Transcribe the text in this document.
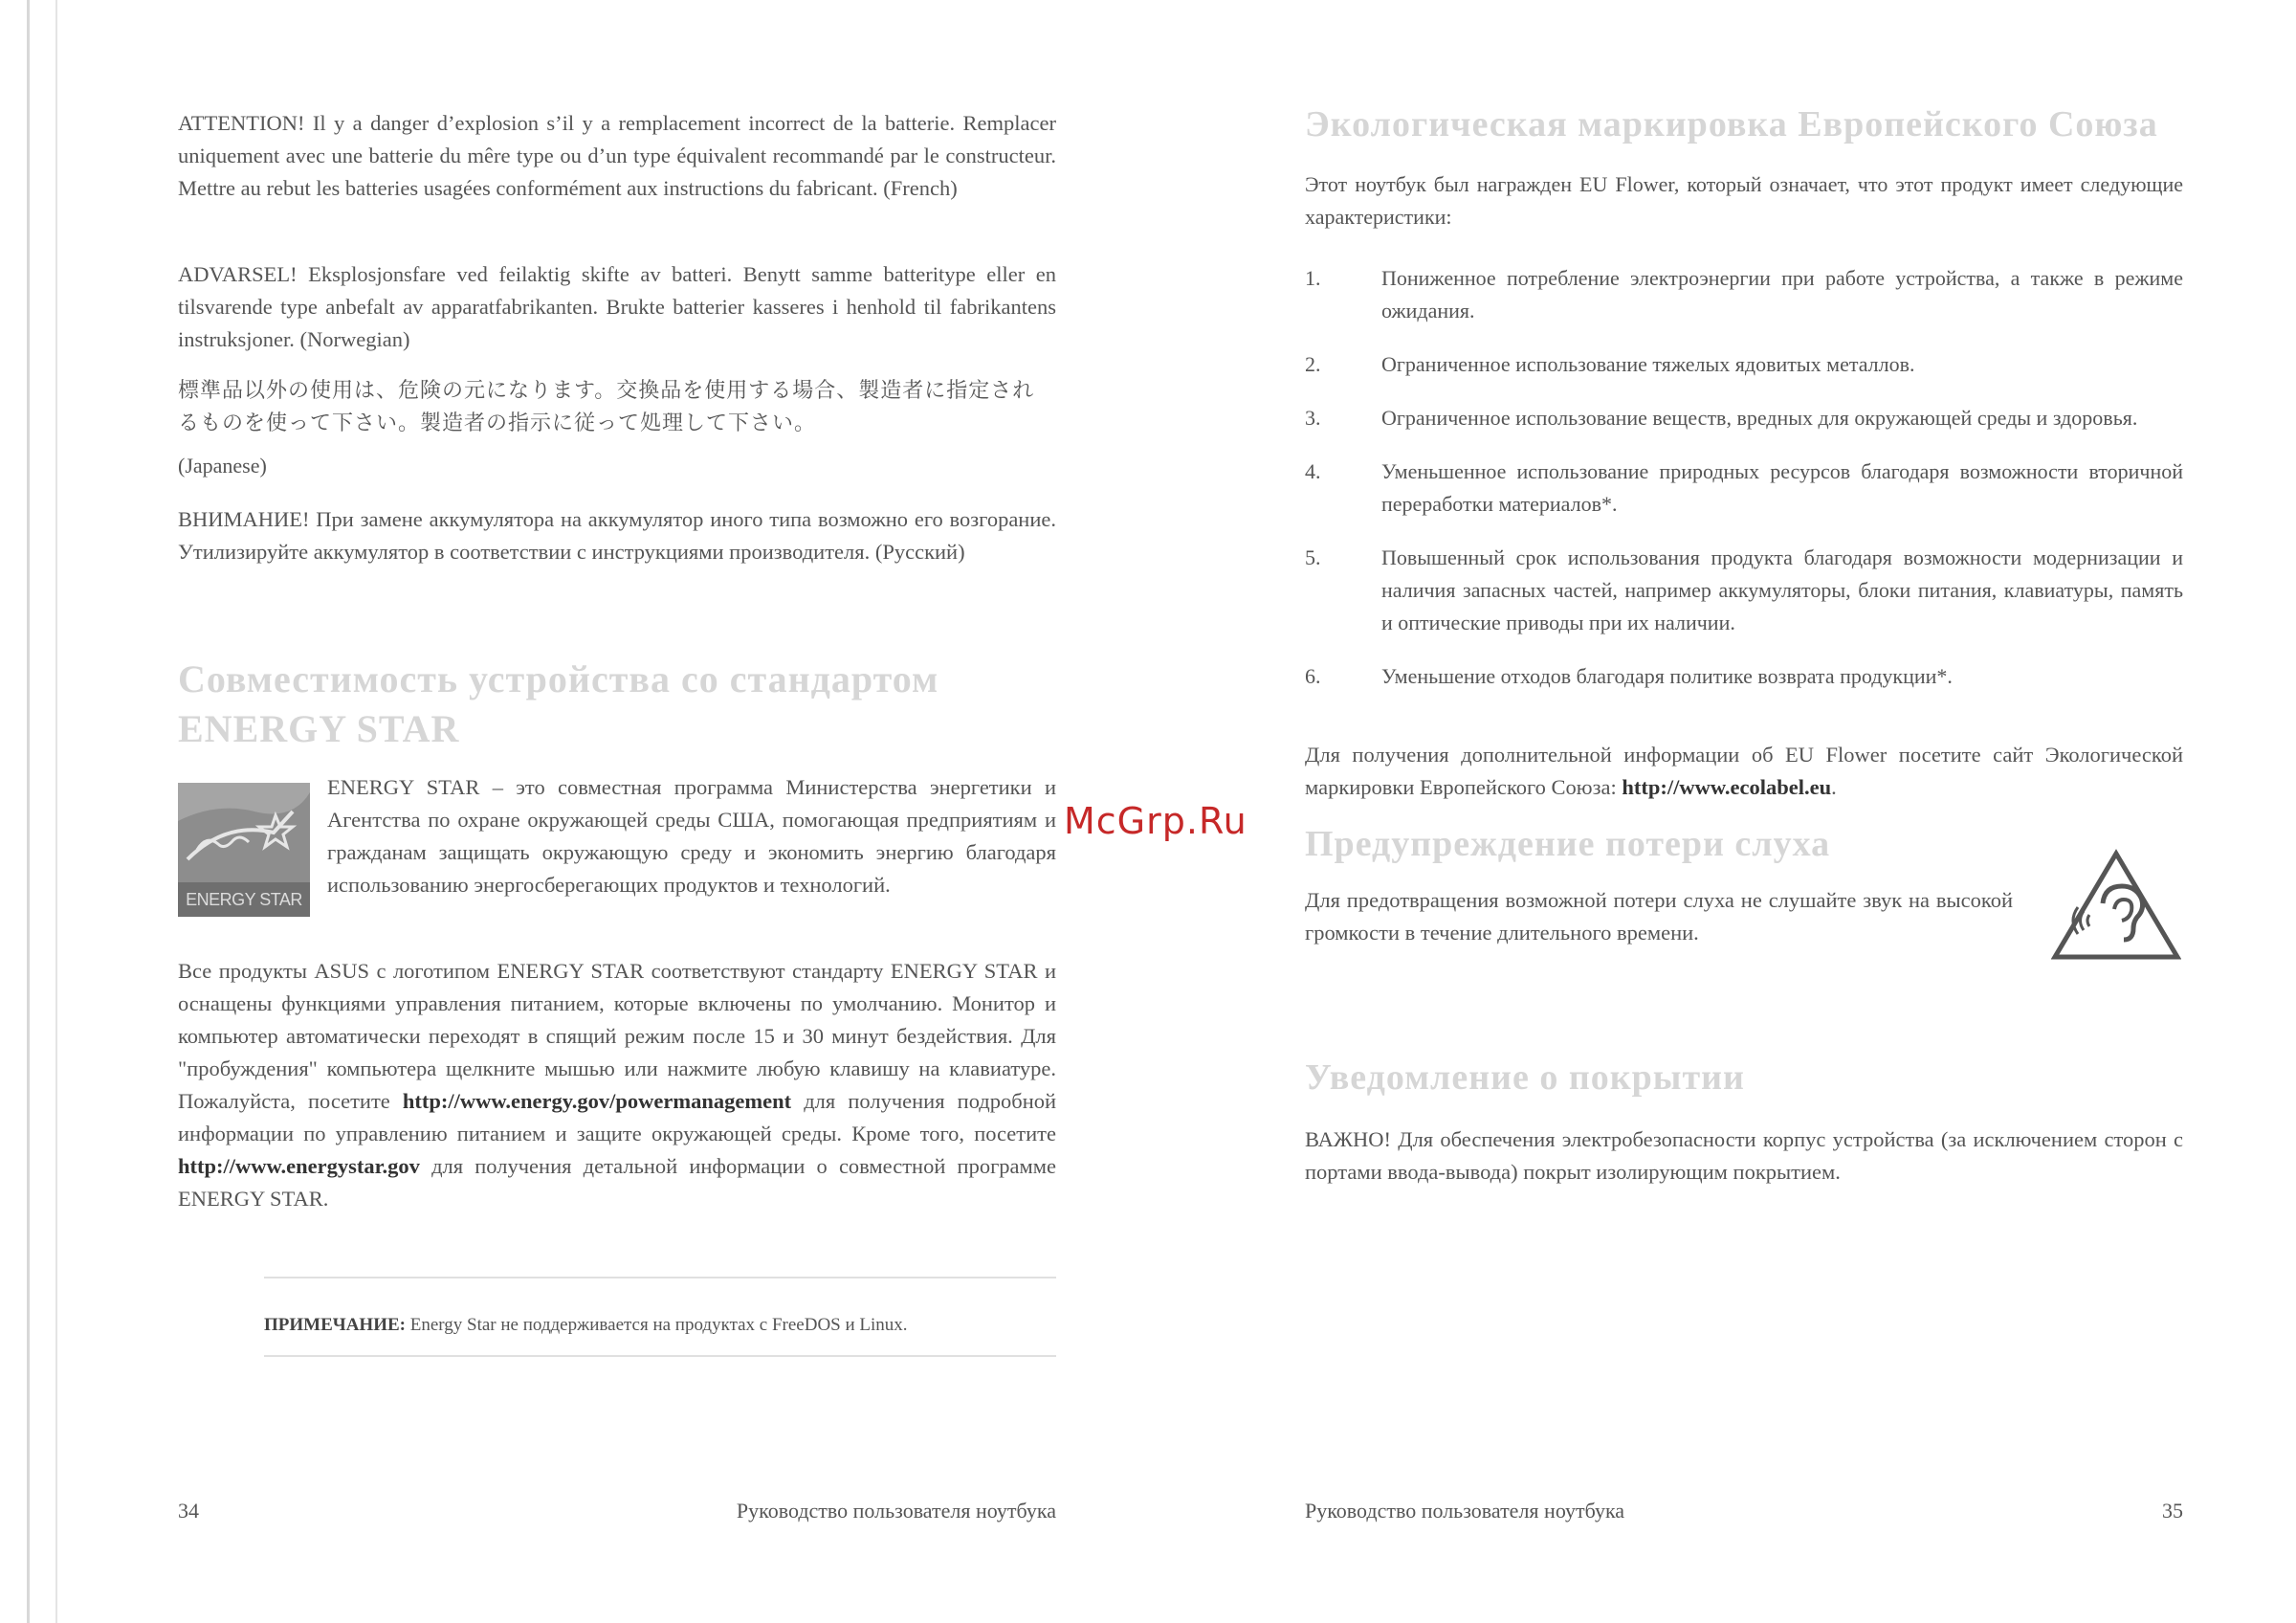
ATTENTION! Il y a danger d’explosion s’il y a remplacement incorrect de la batterie. Remplacer uniquement avec une batterie du mêre type ou d’un type équivalent recommandé par le constructeur. Mettre au rebut les batteries usagées conformément aux instructions du fabricant. (French)

ADVARSEL! Eksplosjonsfare ved feilaktig skifte av batteri. Benytt samme batteritype eller en tilsvarende type anbefalt av apparatfabrikanten. Brukte batterier kasseres i henhold til fabrikantens instruksjoner. (Norwegian)

標準品以外の使用は、危険の元になります。交換品を使用する場合、製造者に指定されるものを使って下さい。製造者の指示に従って処理して下さい。
(Japanese)

ВНИМАНИЕ! При замене аккумулятора на аккумулятор иного типа возможно его возгорание. Утилизируйте аккумулятор в соответствии с инструкциями производителя. (Русский)

Совместимость устройства со стандартом
ENERGY STAR
ENERGY STAR

ENERGY STAR – это совместная программа Министерства энергетики и Агентства по охране окружающей среды США, помогающая предприятиям и гражданам защищать окружающую среду и экономить энергию благодаря использованию энергосберегающих продуктов и технологий.

Все продукты ASUS с логотипом ENERGY STAR соответствуют стандарту ENERGY STAR и оснащены функциями управления питанием, которые включены по умолчанию. Монитор и компьютер автоматически переходят в спящий режим после 15 и 30 минут бездействия. Для "пробуждения" компьютера щелкните мышью или нажмите любую клавишу на клавиатуре. Пожалуйста, посетите http://www.energy.gov/powermanagement для получения подробной информации по управлению питанием и защите окружающей среды. Кроме того, посетите http://www.energystar.gov для получения детальной информации о совместной программе ENERGY STAR.

ПРИМЕЧАНИЕ: Energy Star не поддерживается на продуктах с FreeDOS и Linux.
34	Руководство пользователя ноутбука
McGrp.Ru
Экологическая маркировка Европейского Союза

Этот ноутбук был награжден EU Flower, который означает, что этот продукт имеет следующие характеристики:

1.	Пониженное потребление электроэнергии при работе устройства, а также в режиме ожидания.
2.	Ограниченное использование тяжелых ядовитых металлов.
3.	Ограниченное использование веществ, вредных для окружающей среды и здоровья.
4.	Уменьшенное использование природных ресурсов благодаря возможности вторичной переработки материалов*.
5.	Повышенный срок использования продукта благодаря возможности модернизации и наличия запасных частей, например аккумуляторы, блоки питания, клавиатуры, память и оптические приводы при их наличии.
6.	Уменьшение отходов благодаря политике возврата продукции*.

Для получения дополнительной информации об EU Flower посетите сайт Экологической маркировки Европейского Союза: http://www.ecolabel.eu.

Предупреждение потери слуха

Для предотвращения возможной потери слуха не слушайте звук на высокой громкости в течение длительного времени.

Уведомление о покрытии

ВАЖНО! Для обеспечения электробезопасности корпус устройства (за исключением сторон с портами ввода-вывода) покрыт изолирующим покрытием.

Руководство пользователя ноутбука	35
